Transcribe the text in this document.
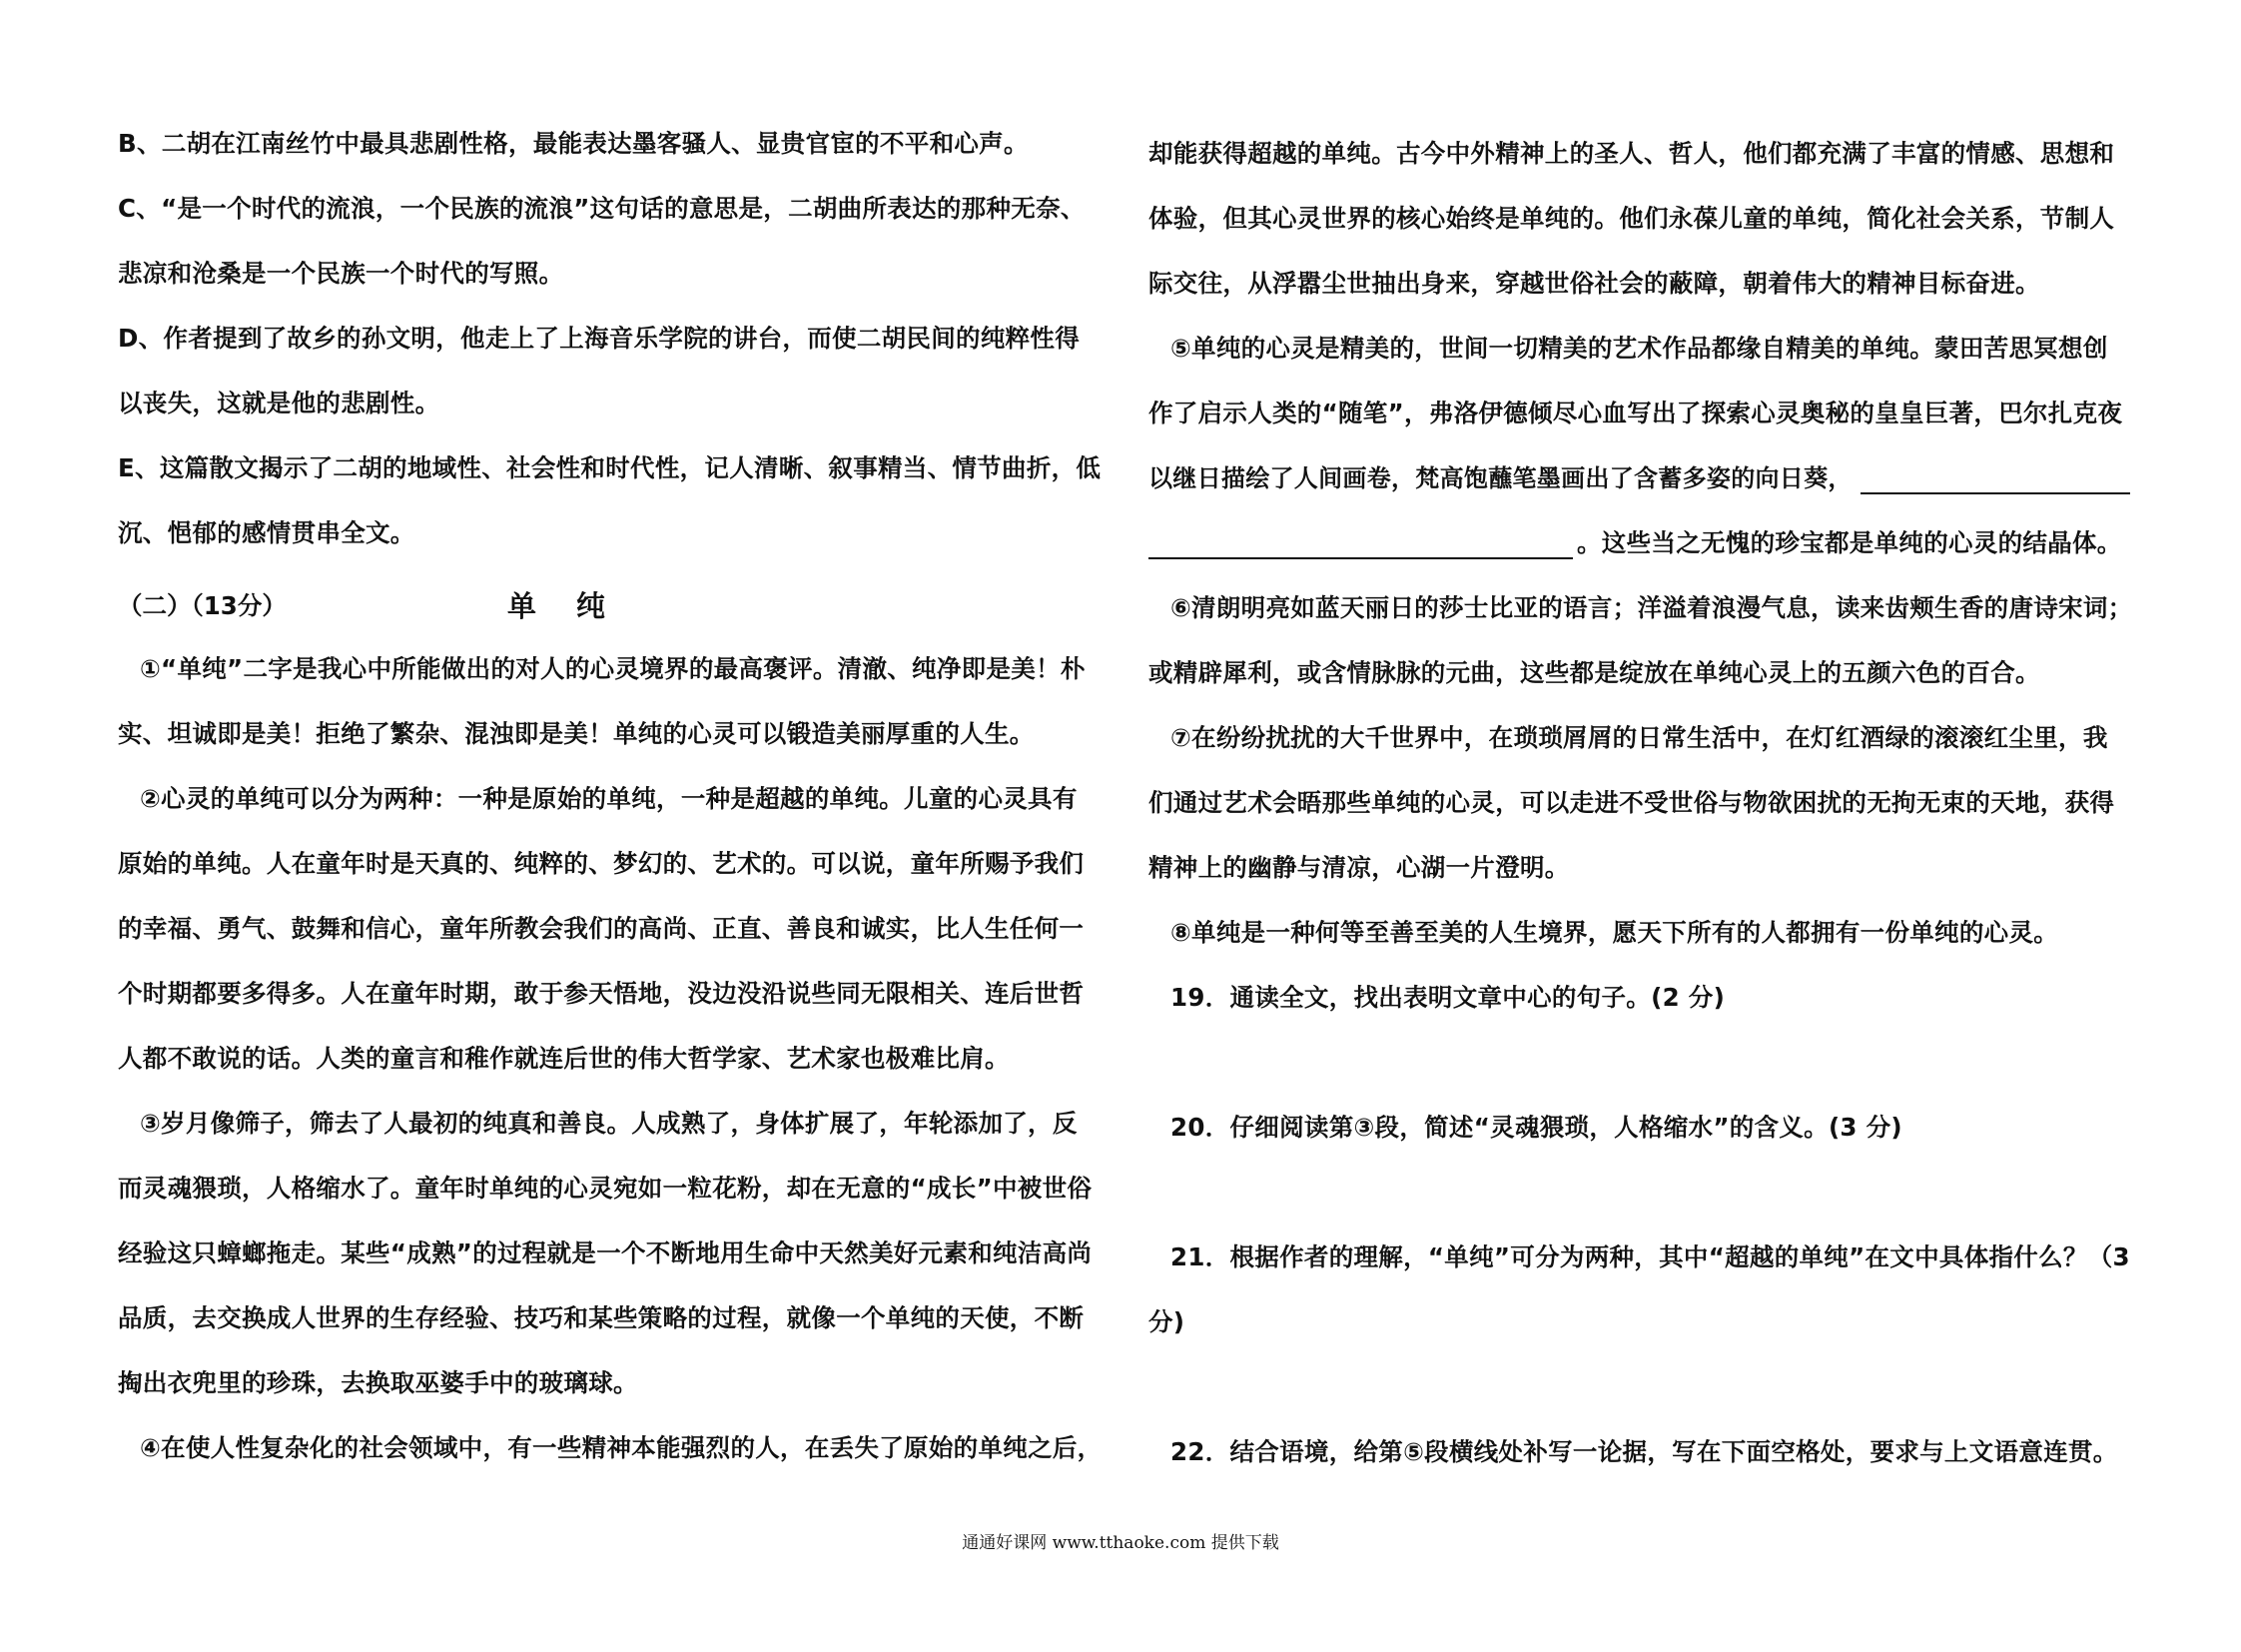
B、二胡在江南丝竹中最具悲剧性格，最能表达墨客骚人、显贵官宦的不平和心声。
C、“是一个时代的流浪，一个民族的流浪”这句话的意思是，二胡曲所表达的那种无奈、
悲凉和沧桑是一个民族一个时代的写照。
D、作者提到了故乡的孙文明，他走上了上海音乐学院的讲台，而使二胡民间的纯粹性得
以丧失，这就是他的悲剧性。
E、这篇散文揭示了二胡的地域性、社会性和时代性，记人清晰、叙事精当、情节曲折，低
沉、悒郁的感情贯串全文。
（二）（13分）	单纯
①“单纯”二字是我心中所能做出的对人的心灵境界的最高褒评。清澈、纯净即是美！朴
实、坦诚即是美！拒绝了繁杂、混浊即是美！单纯的心灵可以锻造美丽厚重的人生。
②心灵的单纯可以分为两种：一种是原始的单纯，一种是超越的单纯。儿童的心灵具有
原始的单纯。人在童年时是天真的、纯粹的、梦幻的、艺术的。可以说，童年所赐予我们
的幸福、勇气、鼓舞和信心，童年所教会我们的高尚、正直、善良和诚实，比人生任何一
个时期都要多得多。人在童年时期，敢于参天悟地，没边没沿说些同无限相关、连后世哲
人都不敢说的话。人类的童言和稚作就连后世的伟大哲学家、艺术家也极难比肩。
③岁月像筛子，筛去了人最初的纯真和善良。人成熟了，身体扩展了，年轮添加了，反
而灵魂猥琐，人格缩水了。童年时单纯的心灵宛如一粒花粉，却在无意的“成长”中被世俗
经验这只蟑螂拖走。某些“成熟”的过程就是一个不断地用生命中天然美好元素和纯洁高尚
品质，去交换成人世界的生存经验、技巧和某些策略的过程，就像一个单纯的天使，不断
掏出衣兜里的珍珠，去换取巫婆手中的玻璃球。
④在使人性复杂化的社会领域中，有一些精神本能强烈的人，在丢失了原始的单纯之后，
却能获得超越的单纯。古今中外精神上的圣人、哲人，他们都充满了丰富的情感、思想和
体验，但其心灵世界的核心始终是单纯的。他们永葆儿童的单纯，简化社会关系，节制人
际交往，从浮嚣尘世抽出身来，穿越世俗社会的蔽障，朝着伟大的精神目标奋进。
⑤单纯的心灵是精美的，世间一切精美的艺术作品都缘自精美的单纯。蒙田苦思冥想创
作了启示人类的“随笔”，弗洛伊德倾尽心血写出了探索心灵奥秘的皇皇巨著，巴尔扎克夜
以继日描绘了人间画卷，梵高饱蘸笔墨画出了含蓄多姿的向日葵，
。这些当之无愧的珍宝都是单纯的心灵的结晶体。
⑥清朗明亮如蓝天丽日的莎士比亚的语言；洋溢着浪漫气息，读来齿颊生香的唐诗宋词；
或精辟犀利，或含情脉脉的元曲，这些都是绽放在单纯心灵上的五颜六色的百合。
⑦在纷纷扰扰的大千世界中，在琐琐屑屑的日常生活中，在灯红酒绿的滚滚红尘里，我
们通过艺术会晤那些单纯的心灵，可以走进不受世俗与物欲困扰的无拘无束的天地，获得
精神上的幽静与清凉，心湖一片澄明。
⑧单纯是一种何等至善至美的人生境界，愿天下所有的人都拥有一份单纯的心灵。
19．通读全文，找出表明文章中心的句子。(2 分)
20．仔细阅读第③段，简述“灵魂猥琐，人格缩水”的含义。(3 分)
21．根据作者的理解，“单纯”可分为两种，其中“超越的单纯”在文中具体指什么？（3
分)
22．结合语境，给第⑤段横线处补写一论据，写在下面空格处，要求与上文语意连贯。
通通好课网 www.tthaoke.com 提供下载
